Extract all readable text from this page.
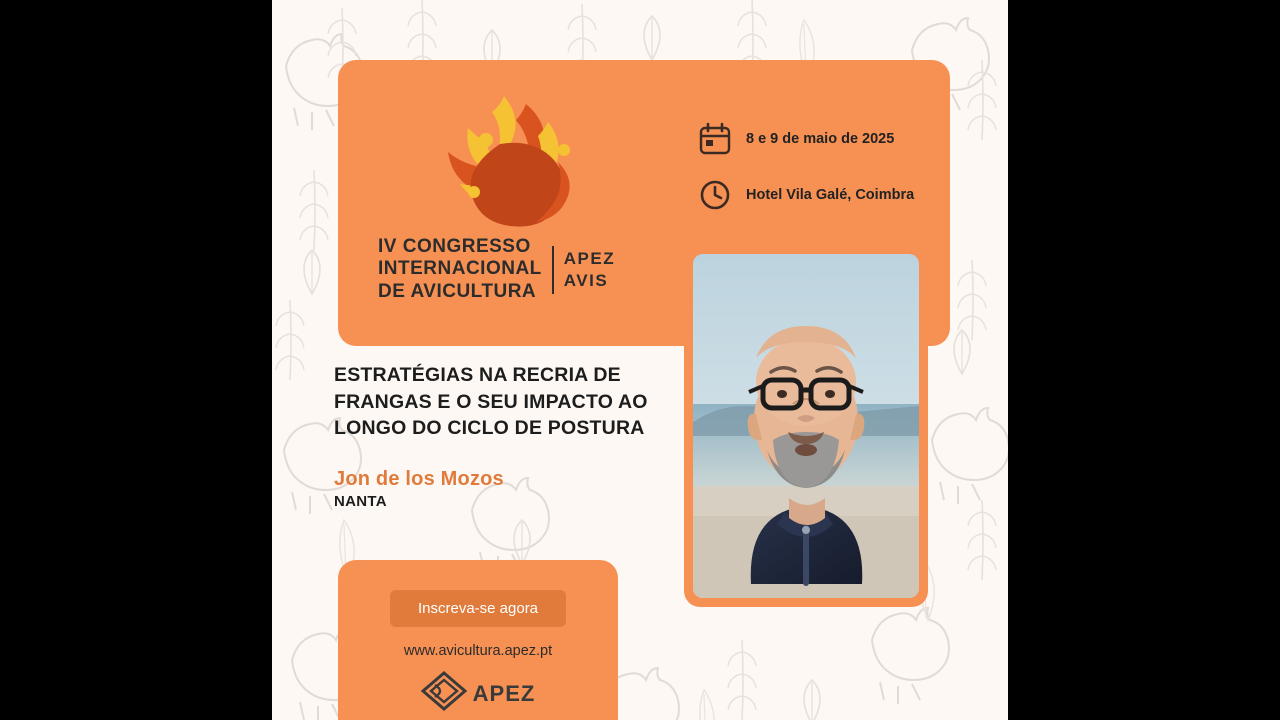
IV CONGRESSO
INTERNACIONAL
DE AVICULTURA
APEZ
AVIS
8 e 9 de maio de 2025
Hotel Vila Galé, Coimbra
ESTRATÉGIAS NA RECRIA DE FRANGAS E O SEU IMPACTO AO LONGO DO CICLO DE POSTURA
Jon de los Mozos
NANTA
Inscreva-se agora
www.avicultura.apez.pt
APEZ
